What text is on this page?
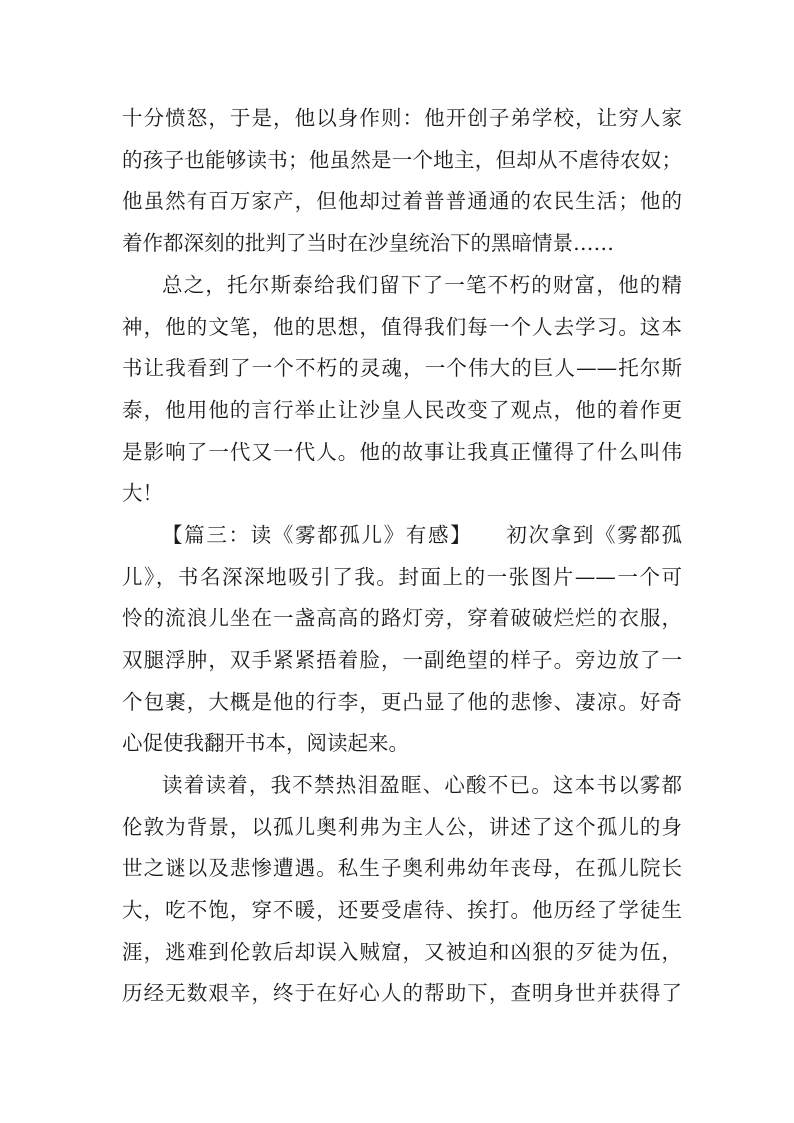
十分愤怒，于是，他以身作则：他开创子弟学校，让穷人家
的孩子也能够读书；他虽然是一个地主，但却从不虐待农奴；
他虽然有百万家产，但他却过着普普通通的农民生活；他的
着作都深刻的批判了当时在沙皇统治下的黑暗情景……
总之，托尔斯泰给我们留下了一笔不朽的财富，他的精
神，他的文笔，他的思想，值得我们每一个人去学习。这本
书让我看到了一个不朽的灵魂，一个伟大的巨人——托尔斯
泰，他用他的言行举止让沙皇人民改变了观点，他的着作更
是影响了一代又一代人。他的故事让我真正懂得了什么叫伟
大！
【篇三：读《雾都孤儿》有感】　　初次拿到《雾都孤
儿》，书名深深地吸引了我。封面上的一张图片——一个可
怜的流浪儿坐在一盏高高的路灯旁，穿着破破烂烂的衣服，
双腿浮肿，双手紧紧捂着脸，一副绝望的样子。旁边放了一
个包裹，大概是他的行李，更凸显了他的悲惨、凄凉。好奇
心促使我翻开书本，阅读起来。
读着读着，我不禁热泪盈眶、心酸不已。这本书以雾都
伦敦为背景，以孤儿奥利弗为主人公，讲述了这个孤儿的身
世之谜以及悲惨遭遇。私生子奥利弗幼年丧母，在孤儿院长
大，吃不饱，穿不暖，还要受虐待、挨打。他历经了学徒生
涯，逃难到伦敦后却误入贼窟，又被迫和凶狠的歹徒为伍，
历经无数艰辛，终于在好心人的帮助下，查明身世并获得了
